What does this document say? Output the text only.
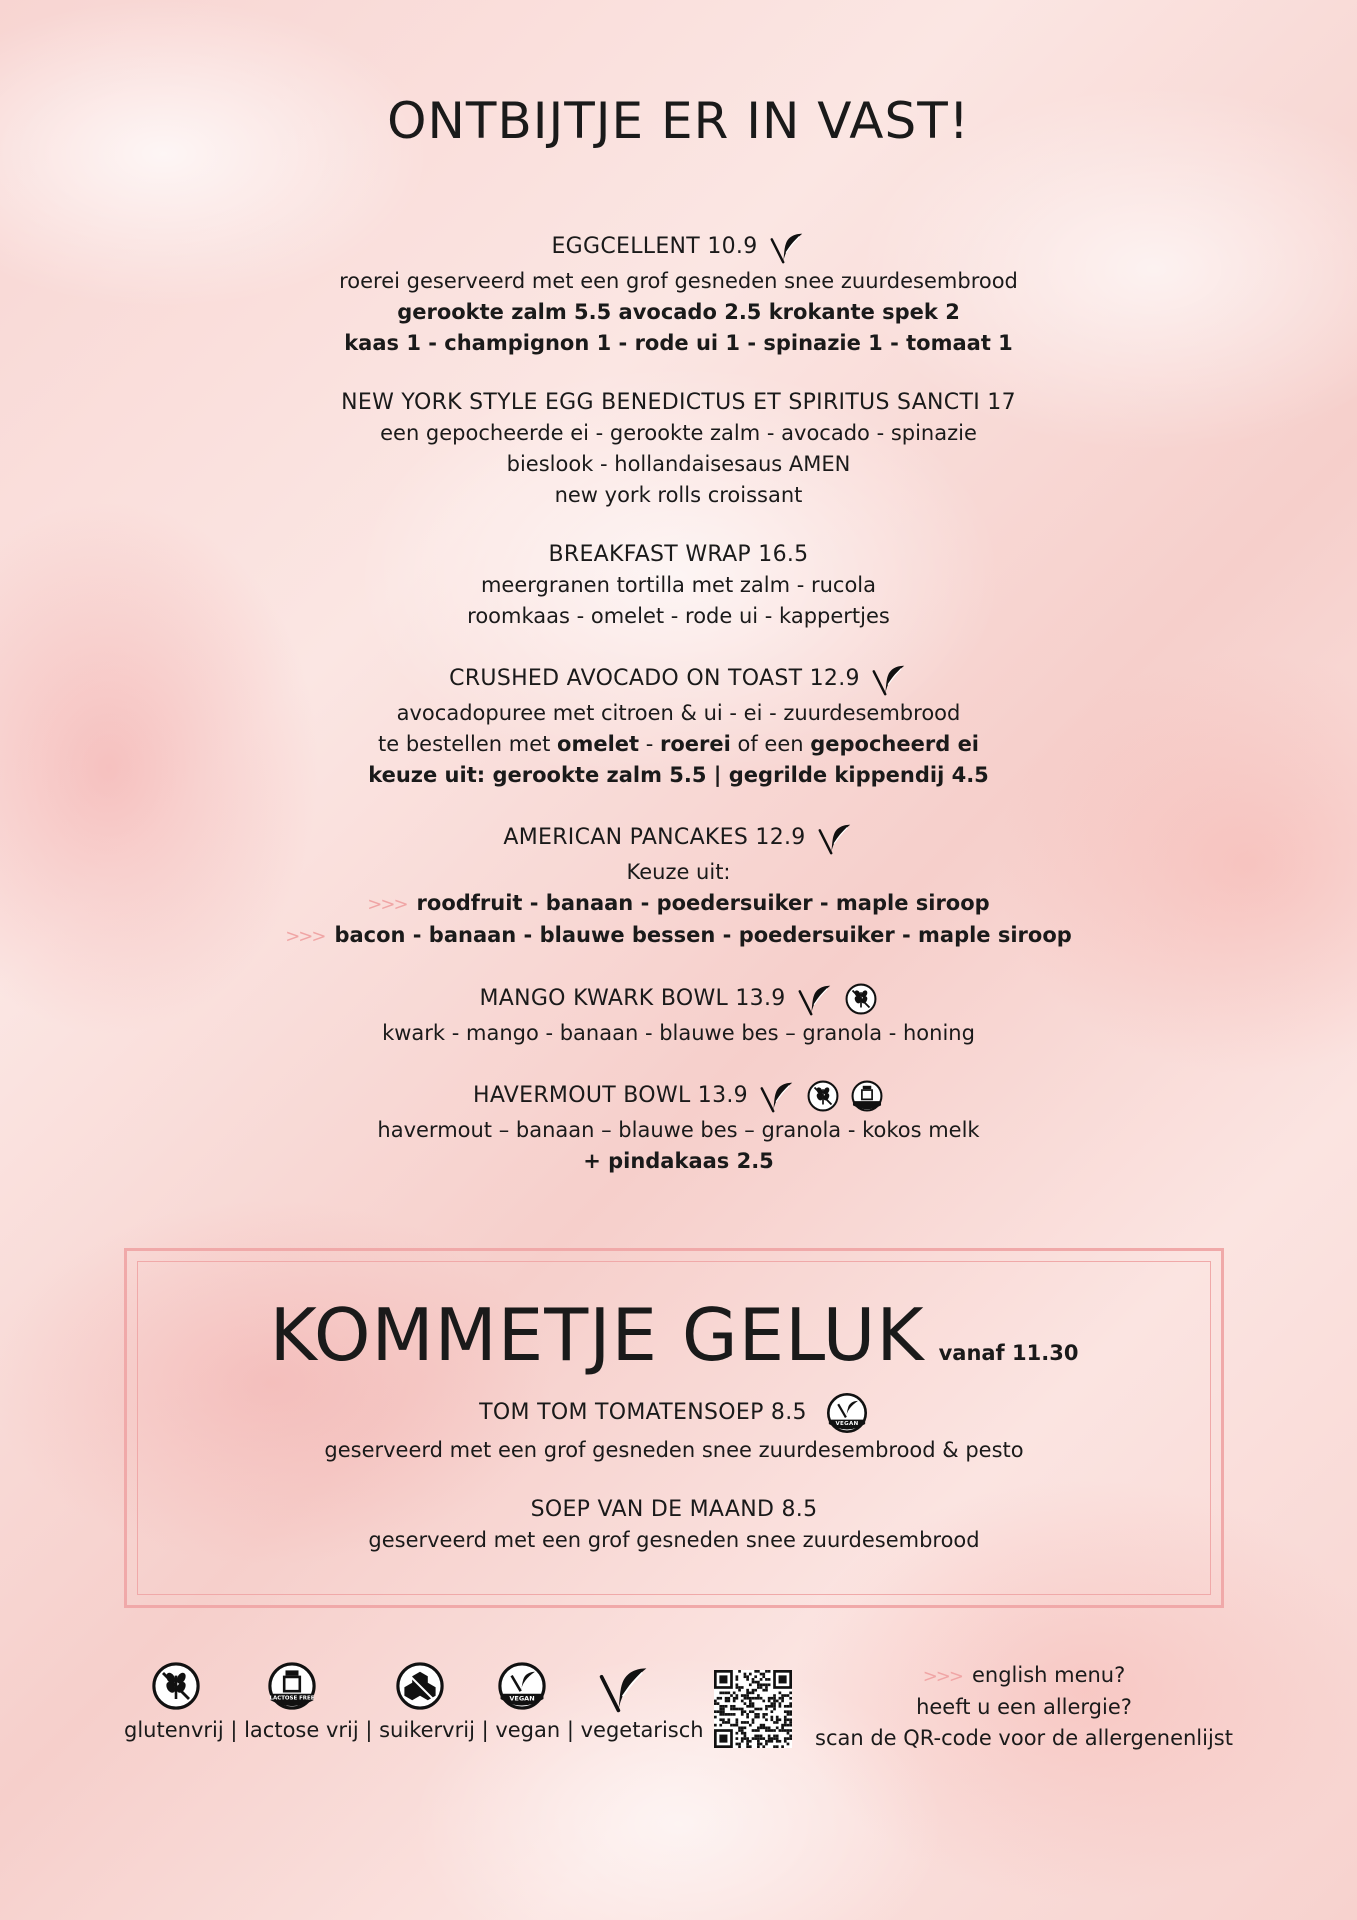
ONTBIJTJE ER IN VAST!
EGGCELLENT 10.9
roerei geserveerd met een grof gesneden snee zuurdesembrood
gerookte zalm 5.5 avocado 2.5 krokante spek 2
kaas 1 - champignon 1 - rode ui 1 - spinazie 1 - tomaat 1
NEW YORK STYLE EGG BENEDICTUS ET SPIRITUS SANCTI 17
een gepocheerde ei - gerookte zalm - avocado - spinazie
bieslook - hollandaisesaus AMEN
new york rolls croissant
BREAKFAST WRAP 16.5
meergranen tortilla met zalm - rucola
roomkaas - omelet - rode ui - kappertjes
CRUSHED AVOCADO ON TOAST 12.9
avocadopuree met citroen & ui - ei - zuurdesembrood
te bestellen met omelet - roerei of een gepocheerd ei
keuze uit: gerookte zalm 5.5 | gegrilde kippendij 4.5
AMERICAN PANCAKES 12.9
Keuze uit:
>>> roodfruit - banaan - poedersuiker - maple siroop
>>> bacon - banaan - blauwe bessen - poedersuiker - maple siroop
MANGO KWARK BOWL 13.9
kwark - mango - banaan - blauwe bes – granola - honing
HAVERMOUT BOWL 13.9
havermout – banaan – blauwe bes – granola - kokos melk
+ pindakaas 2.5
KOMMETJE GELUK vanaf 11.30
TOM TOM TOMATENSOEP 8.5	VEGAN
geserveerd met een grof gesneden snee zuurdesembrood & pesto
SOEP VAN DE MAAND 8.5
geserveerd met een grof gesneden snee zuurdesembrood
LACTOSE FREE	VEGAN
glutenvrij | lactose vrij | suikervrij | vegan | vegetarisch
>>> english menu?
heeft u een allergie?
scan de QR-code voor de allergenenlijst
